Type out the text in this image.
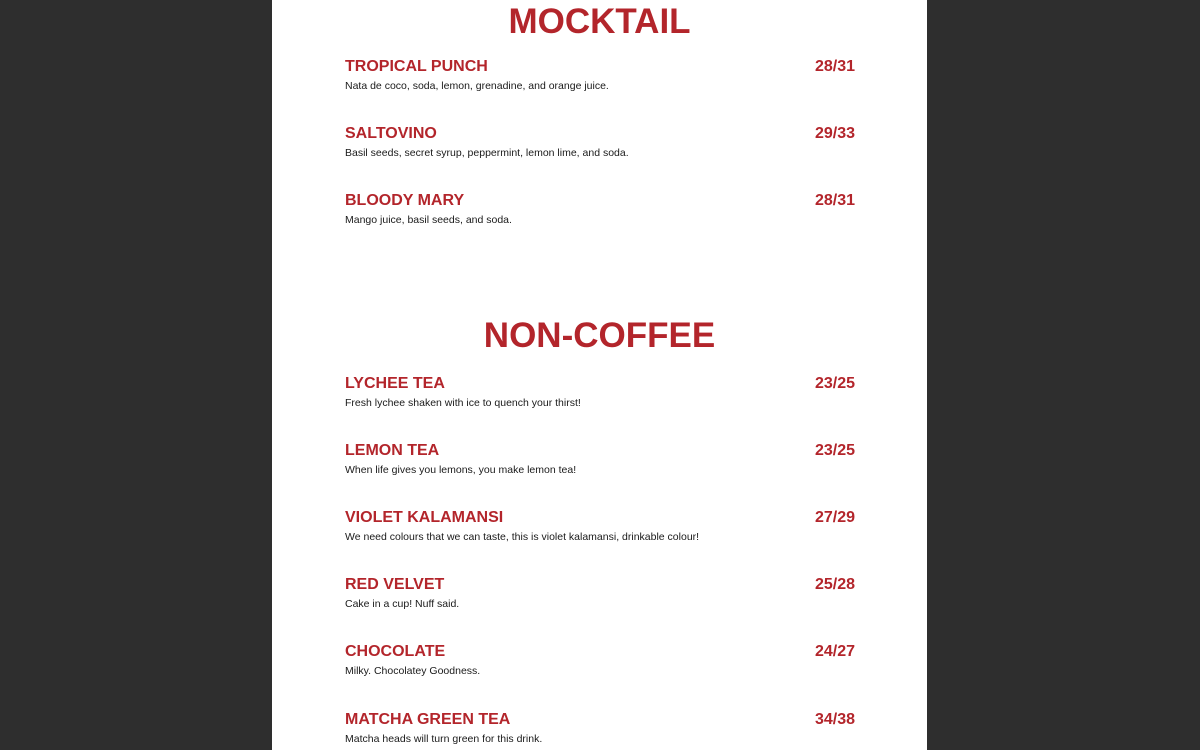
MOCKTAIL
TROPICAL PUNCH	28/31
Nata de coco, soda, lemon, grenadine, and orange juice.
SALTOVINO	29/33
Basil seeds, secret syrup, peppermint, lemon lime, and soda.
BLOODY MARY	28/31
Mango juice, basil seeds, and soda.
NON-COFFEE
LYCHEE TEA	23/25
Fresh lychee shaken with ice to quench your thirst!
LEMON TEA	23/25
When life gives you lemons, you make lemon tea!
VIOLET KALAMANSI	27/29
We need colours that we can taste, this is violet kalamansi, drinkable colour!
RED VELVET	25/28
Cake in a cup! Nuff said.
CHOCOLATE	24/27
Milky. Chocolatey Goodness.
MATCHA GREEN TEA	34/38
Matcha heads will turn green for this drink.
